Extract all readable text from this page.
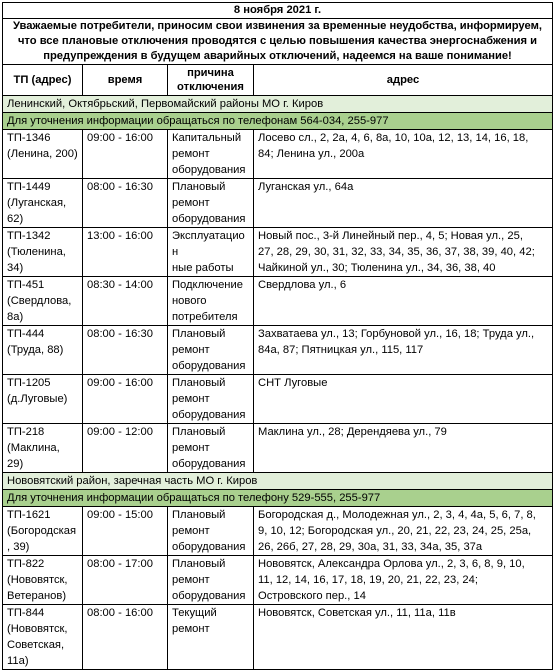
8 ноября 2021 г.			
Уважаемые потребители, приносим свои извинения за временные неудобства, информируем, что все плановые отключения проводятся с целью повышения качества энергоснабжения и предупреждения в будущем аварийных отключений, надеемся на ваше понимание!			
ТП (адрес)	время	причина
отключения	адрес
Ленинский, Октябрьский, Первомайский районы МО г. Киров			
Для уточнения информации обращаться по телефонам 564-034, 255-977			
ТП-1346
(Ленина, 200)	09:00 - 16:00	Капитальный
ремонт
оборудования	Лосево сл., 2, 2а, 4, 6, 8а, 10, 10а, 12, 13, 14, 16, 18,
84; Ленина ул., 200а
ТП-1449
(Луганская,
62)	08:00 - 16:30	Плановый
ремонт
оборудования	Луганская ул., 64а
ТП-1342
(Тюленина,
34)	13:00 - 16:00	Эксплуатацион
ные работы	Новый пос., 3-й Линейный пер., 4, 5; Новая ул., 25,
27, 28, 29, 30, 31, 32, 33, 34, 35, 36, 37, 38, 39, 40, 42;
Чайкиной ул., 30; Тюленина ул., 34, 36, 38, 40
ТП-451
(Свердлова,
8а)	08:30 - 14:00	Подключение
нового
потребителя	Свердлова ул., 6
ТП-444
(Труда, 88)	08:00 - 16:30	Плановый
ремонт
оборудования	Захватаева ул., 13; Горбуновой ул., 16, 18; Труда ул.,
84а, 87; Пятницкая ул., 115, 117
ТП-1205
(д.Луговые)	09:00 - 16:00	Плановый
ремонт
оборудования	СНТ Луговые
ТП-218
(Маклина,
29)	09:00 - 12:00	Плановый
ремонт
оборудования	Маклина ул., 28; Дерендяева ул., 79
Нововятский район, заречная часть МО г. Киров			
Для уточнения информации обращаться по телефону 529-555, 255-977			
ТП-1621
(Богородская
, 39)	09:00 - 15:00	Плановый
ремонт
оборудования	Богородская д., Молодежная ул., 2, 3, 4, 4а, 5, 6, 7, 8,
9, 10, 12; Богородская ул., 20, 21, 22, 23, 24, 25, 25а,
26, 26б, 27, 28, 29, 30а, 31, 33, 34а, 35, 37а
ТП-822
(Нововятск,
Ветеранов)	08:00 - 17:00	Плановый
ремонт
оборудования	Нововятск, Александра Орлова ул., 2, 3, 6, 8, 9, 10,
11, 12, 14, 16, 17, 18, 19, 20, 21, 22, 23, 24;
Островского пер., 14
ТП-844
(Нововятск,
Советская,
11а)	08:00 - 16:00	Текущий
ремонт	Нововятск, Советская ул., 11, 11а, 11в
